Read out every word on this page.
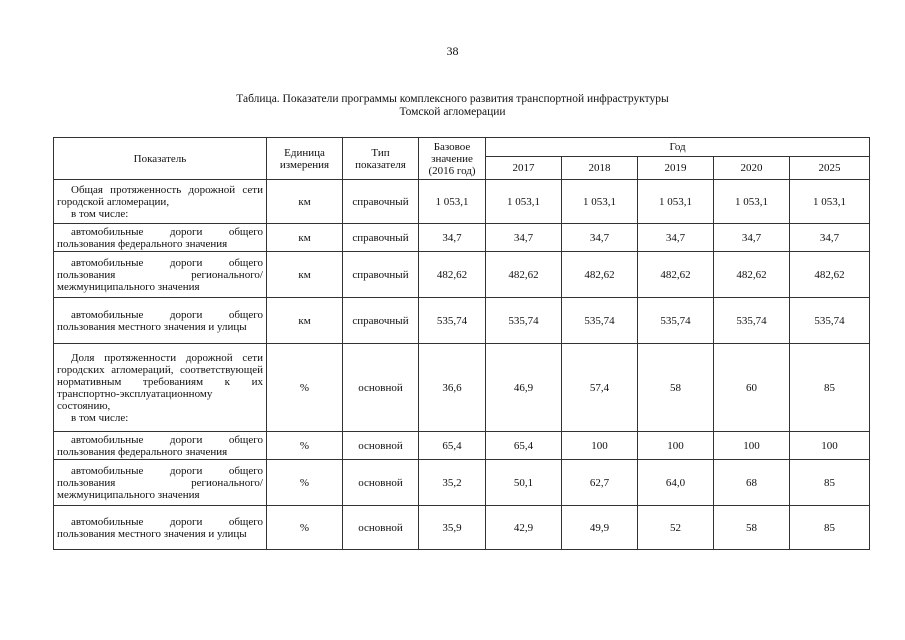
38
Таблица. Показатели программы комплексного развития транспортной инфраструктуры
Томской агломерации
Показатель	Единица измерения	Тип показателя	Базовое значение (2016 год)	Год				
				2017	2018	2019	2020	2025
Общая протяженность дорожной сети городской агломерации,
в том числе:	км	справочный	1 053,1	1 053,1	1 053,1	1 053,1	1 053,1	1 053,1
автомобильные дороги общего пользования федерального значения	км	справочный	34,7	34,7	34,7	34,7	34,7	34,7
автомобильные дороги общего пользования регионального/ межмуниципального значения	км	справочный	482,62	482,62	482,62	482,62	482,62	482,62
автомобильные дороги общего пользования местного значения и улицы	км	справочный	535,74	535,74	535,74	535,74	535,74	535,74
Доля протяженности дорожной сети городских агломераций, соответствующей нормативным требованиям к их транспортно-эксплуатационному состоянию,
в том числе:	%	основной	36,6	46,9	57,4	58	60	85
автомобильные дороги общего пользования федерального значения	%	основной	65,4	65,4	100	100	100	100
автомобильные дороги общего пользования регионального/ межмуниципального значения	%	основной	35,2	50,1	62,7	64,0	68	85
автомобильные дороги общего пользования местного значения и улицы	%	основной	35,9	42,9	49,9	52	58	85
